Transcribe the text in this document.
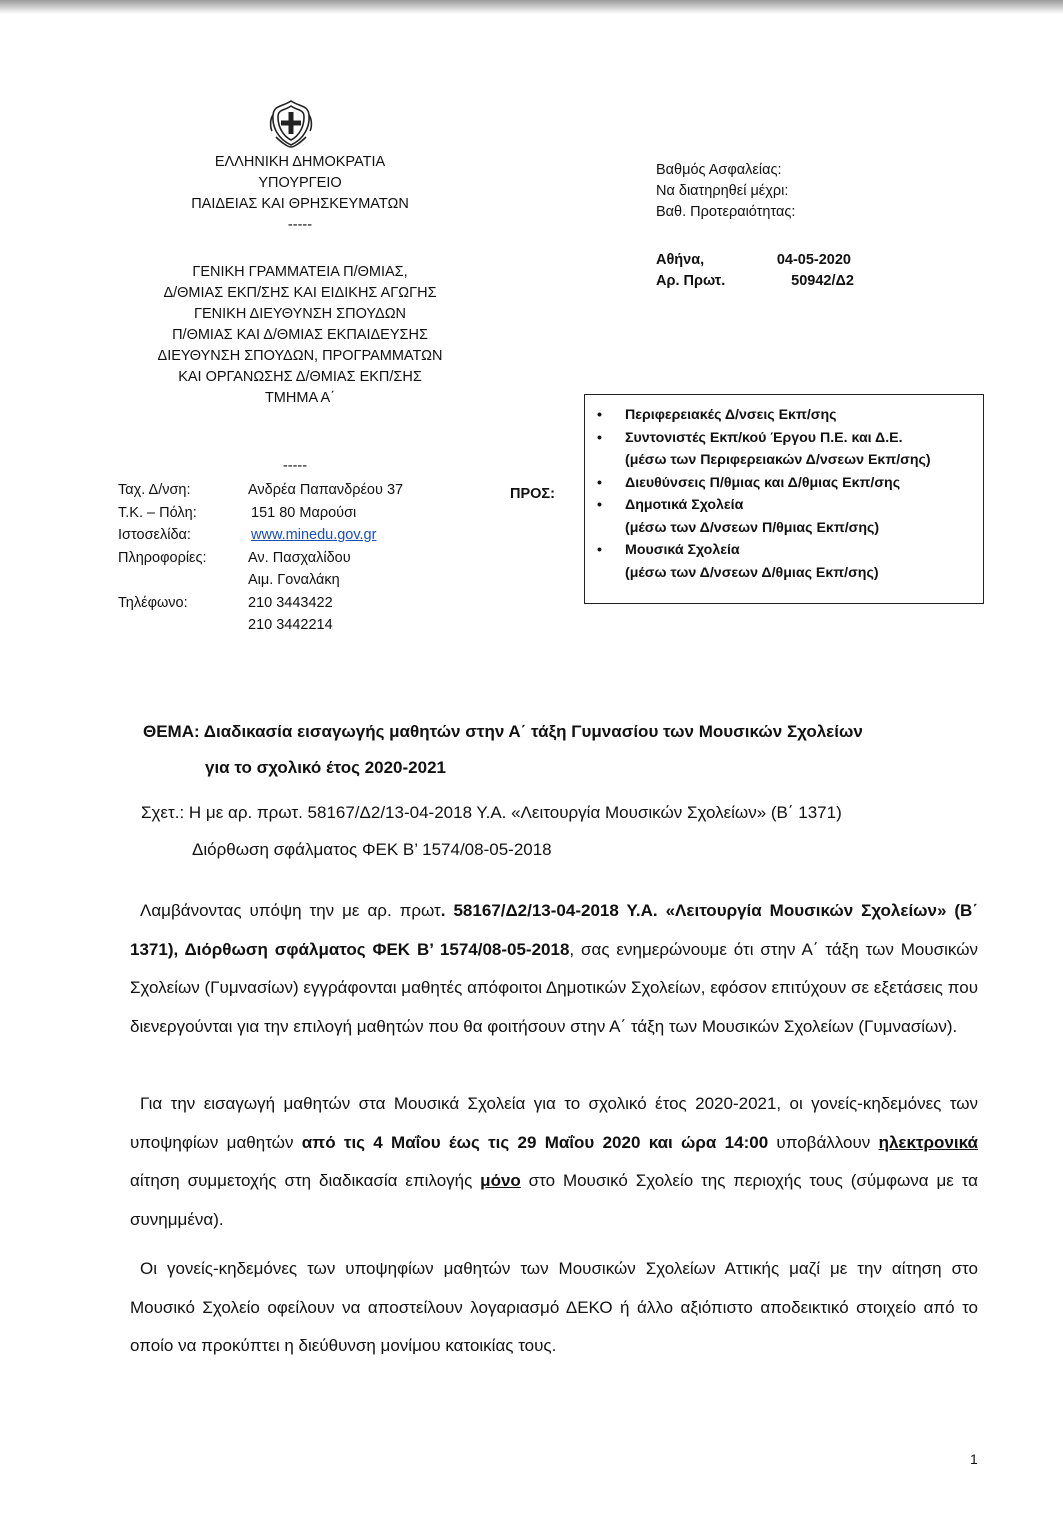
ΕΛΛΗΝΙΚΗ ΔΗΜΟΚΡΑΤΙΑ
ΥΠΟΥΡΓΕΙΟ
ΠΑΙΔΕΙΑΣ ΚΑΙ ΘΡΗΣΚΕΥΜΑΤΩΝ
-----
ΓΕΝΙΚΗ ΓΡΑΜΜΑΤΕΙΑ Π/ΘΜΙΑΣ,
Δ/ΘΜΙΑΣ ΕΚΠ/ΣΗΣ ΚΑΙ ΕΙΔΙΚΗΣ ΑΓΩΓΗΣ
ΓΕΝΙΚΗ ΔΙΕΥΘΥΝΣΗ ΣΠΟΥΔΩΝ
Π/ΘΜΙΑΣ ΚΑΙ Δ/ΘΜΙΑΣ ΕΚΠΑΙΔΕΥΣΗΣ
ΔΙΕΥΘΥΝΣΗ ΣΠΟΥΔΩΝ, ΠΡΟΓΡΑΜΜΑΤΩΝ
ΚΑΙ ΟΡΓΑΝΩΣΗΣ Δ/ΘΜΙΑΣ ΕΚΠ/ΣΗΣ
ΤΜΗΜΑ Α΄
-----
Βαθμός Ασφαλείας:
Να διατηρηθεί μέχρι:
Βαθ. Προτεραιότητας:
Αθήνα,	04-05-2020
Αρ. Πρωτ.	50942/Δ2
Ταχ. Δ/νση:	Ανδρέα Παπανδρέου 37
Τ.Κ. – Πόλη:	151 80 Μαρούσι
Ιστοσελίδα:	www.minedu.gov.gr
Πληροφορίες:	Αν. Πασχαλίδου
Αιμ. Γοναλάκη
Τηλέφωνο:	210 3443422
210 3442214
ΠΡΟΣ:
• Περιφερειακές Δ/νσεις Εκπ/σης
• Συντονιστές Εκπ/κού Έργου Π.Ε. και Δ.Ε.
(μέσω των Περιφερειακών Δ/νσεων Εκπ/σης)
• Διευθύνσεις Π/θμιας και Δ/θμιας Εκπ/σης
• Δημοτικά Σχολεία
(μέσω των Δ/νσεων Π/θμιας Εκπ/σης)
• Μουσικά Σχολεία
(μέσω των Δ/νσεων Δ/θμιας Εκπ/σης)
ΘΕΜΑ: Διαδικασία εισαγωγής μαθητών στην Α΄ τάξη Γυμνασίου των Μουσικών Σχολείων
για το σχολικό έτος 2020-2021
Σχετ.: Η με αρ. πρωτ. 58167/Δ2/13-04-2018 Υ.Α. «Λειτουργία Μουσικών Σχολείων» (Β΄ 1371)
Διόρθωση σφάλματος ΦΕΚ Β’ 1574/08-05-2018

Λαμβάνοντας υπόψη την με αρ. πρωτ. 58167/Δ2/13-04-2018 Υ.Α. «Λειτουργία Μουσικών Σχολείων» (Β΄ 1371), Διόρθωση σφάλματος ΦΕΚ Β’ 1574/08-05-2018, σας ενημερώνουμε ότι στην Α΄ τάξη των Μουσικών Σχολείων (Γυμνασίων) εγγράφονται μαθητές απόφοιτοι Δημοτικών Σχολείων, εφόσον επιτύχουν σε εξετάσεις που διενεργούνται για την επιλογή μαθητών που θα φοιτήσουν στην Α΄ τάξη των Μουσικών Σχολείων (Γυμνασίων).

Για την εισαγωγή μαθητών στα Μουσικά Σχολεία για το σχολικό έτος 2020-2021, οι γονείς-κηδεμόνες των υποψηφίων μαθητών από τις 4 Μαΐου έως τις 29 Μαΐου 2020 και ώρα 14:00 υποβάλλουν ηλεκτρονικά αίτηση συμμετοχής στη διαδικασία επιλογής μόνο στο Μουσικό Σχολείο της περιοχής τους (σύμφωνα με τα συνημμένα).

Οι γονείς-κηδεμόνες των υποψηφίων μαθητών των Μουσικών Σχολείων Αττικής μαζί με την αίτηση στο Μουσικό Σχολείο οφείλουν να αποστείλουν λογαριασμό ΔΕΚΟ ή άλλο αξιόπιστο αποδεικτικό στοιχείο από το οποίο να προκύπτει η διεύθυνση μονίμου κατοικίας τους.

1
